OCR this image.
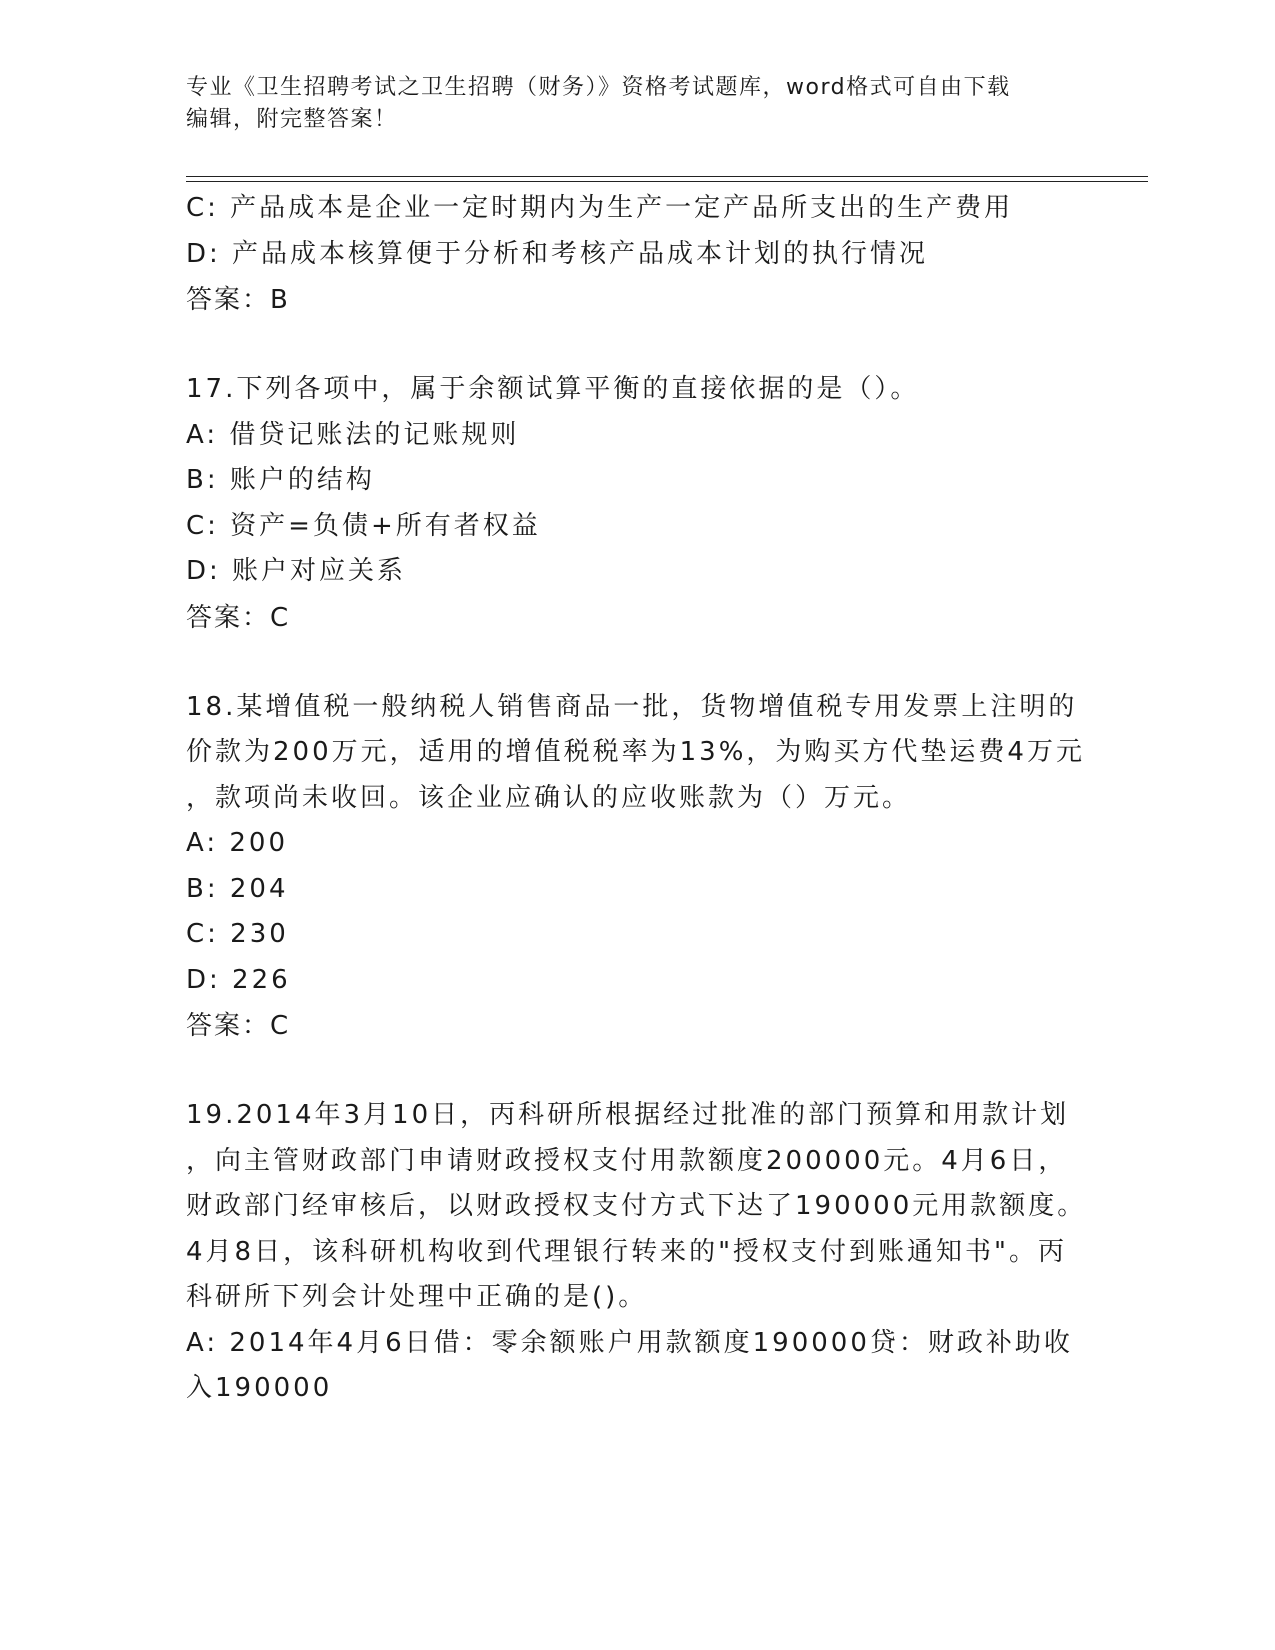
专业《卫生招聘考试之卫生招聘（财务）》资格考试题库，word格式可自由下载
编辑，附完整答案！
C: 产品成本是企业一定时期内为生产一定产品所支出的生产费用
D: 产品成本核算便于分析和考核产品成本计划的执行情况
答案：B
17.下列各项中，属于余额试算平衡的直接依据的是（）。
A: 借贷记账法的记账规则
B: 账户的结构
C: 资产=负债+所有者权益
D: 账户对应关系
答案：C
18.某增值税一般纳税人销售商品一批，货物增值税专用发票上注明的
价款为200万元，适用的增值税税率为13%，为购买方代垫运费4万元
，款项尚未收回。该企业应确认的应收账款为（）万元。
A: 200
B: 204
C: 230
D: 226
答案：C
19.2014年3月10日，丙科研所根据经过批准的部门预算和用款计划
，向主管财政部门申请财政授权支付用款额度200000元。4月6日，
财政部门经审核后，以财政授权支付方式下达了190000元用款额度。
4月8日，该科研机构收到代理银行转来的"授权支付到账通知书"。丙
科研所下列会计处理中正确的是()。
A: 2014年4月6日借：零余额账户用款额度190000贷：财政补助收
入190000
